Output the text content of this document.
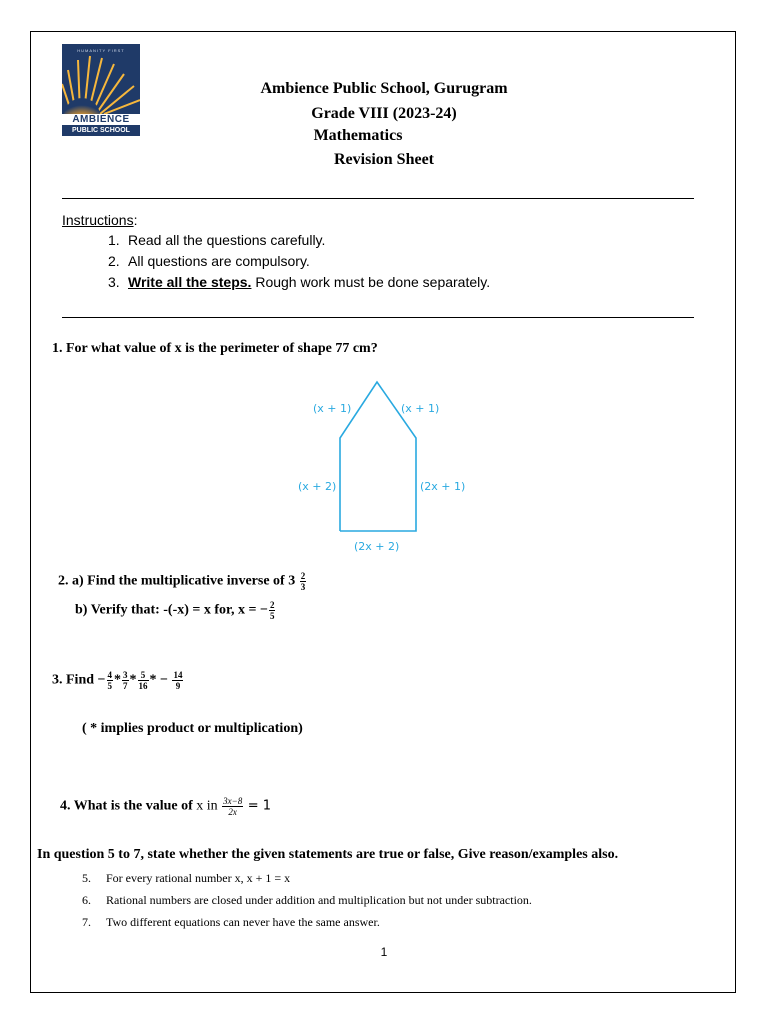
HUMANITY FIRST
AMBIENCE
PUBLIC SCHOOL
Ambience Public School, Gurugram
Grade VIII (2023-24)
Mathematics
Revision Sheet
Instructions:
1. Read all the questions carefully.
2. All questions are compulsory.
3. Write all the steps. Rough work must be done separately.
1. For what value of x is the perimeter of shape 77 cm?
(x + 1)	(x + 1)
(x + 2)	(2x + 1)
(2x + 2)
2. a) Find the multiplicative inverse of $3 \frac{2}{3}$
b) Verify that: -(-x) = x for, x = − $\frac{2}{5}$
3. Find − $\frac{4}{5} * \frac{3}{7} * \frac{5}{16}$ * − $\frac{14}{9}$
( * implies product or multiplication)
4. What is the value of x in $\frac{3x-8}{2x} = 1$
In question 5 to 7, state whether the given statements are true or false, Give reason/examples also.
5. For every rational number x, x + 1 = x
6. Rational numbers are closed under addition and multiplication but not under subtraction.
7. Two different equations can never have the same answer.
1
